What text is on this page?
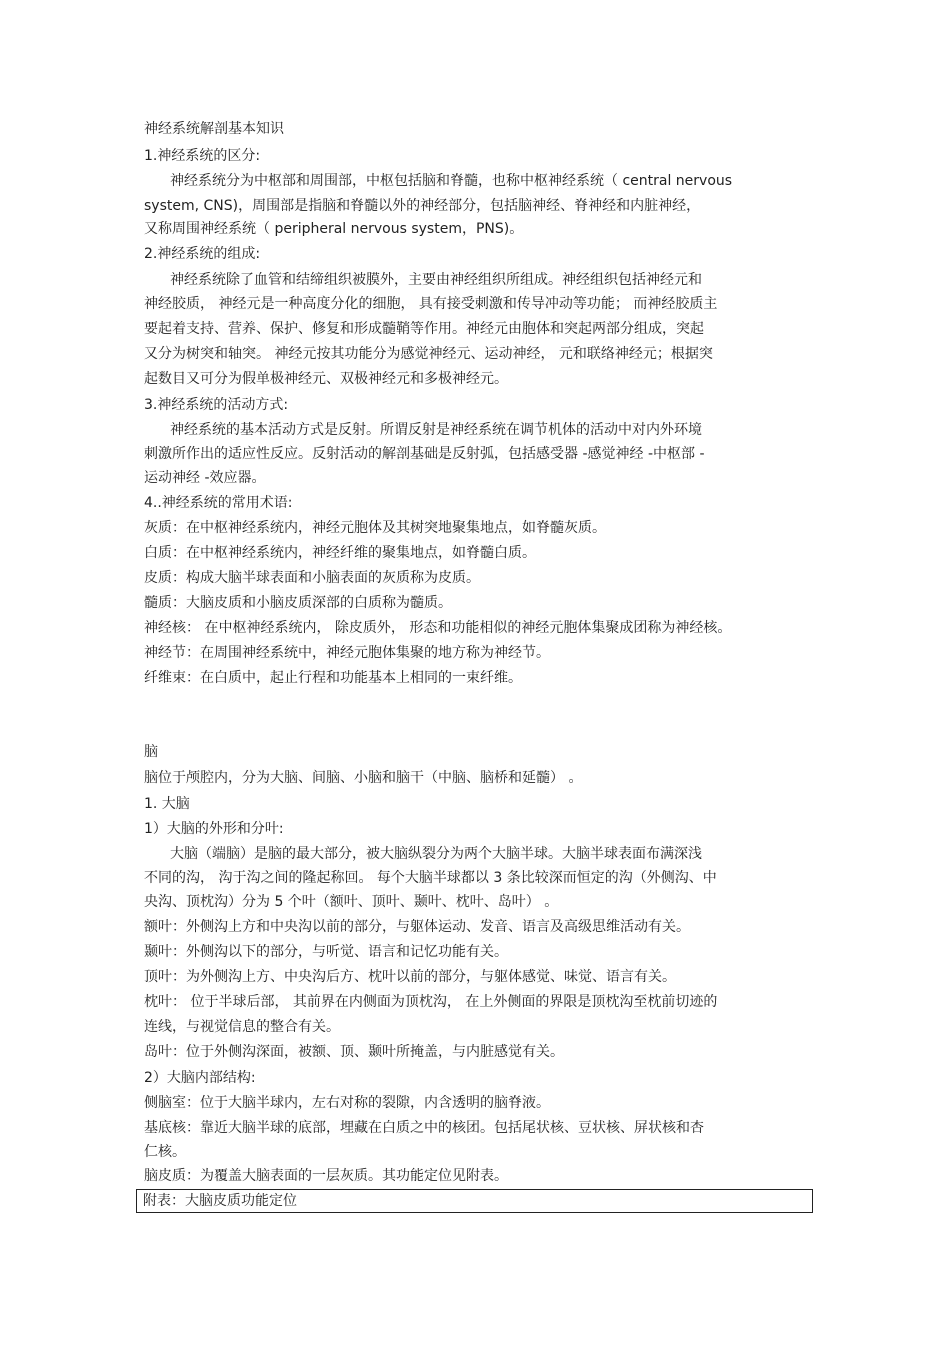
神经系统解剖基本知识
1.神经系统的区分:
神经系统分为中枢部和周围部，中枢包括脑和脊髓，也称中枢神经系统（ central nervous
system, CNS)，周围部是指脑和脊髓以外的神经部分，包括脑神经、脊神经和内脏神经，
又称周围神经系统（ peripheral nervous system，PNS)。
2.神经系统的组成:
神经系统除了血管和结缔组织被膜外，主要由神经组织所组成。神经组织包括神经元和
神经胶质， 神经元是一种高度分化的细胞， 具有接受刺激和传导冲动等功能； 而神经胶质主
要起着支持、营养、保护、修复和形成髓鞘等作用。神经元由胞体和突起两部分组成，突起
又分为树突和轴突。 神经元按其功能分为感觉神经元、运动神经， 元和联络神经元；根据突
起数目又可分为假单极神经元、双极神经元和多极神经元。
3.神经系统的活动方式:
神经系统的基本活动方式是反射。所谓反射是神经系统在调节机体的活动中对内外环境
刺激所作出的适应性反应。反射活动的解剖基础是反射弧，包括感受器 -感觉神经 -中枢部 -
运动神经 -效应器。
4..神经系统的常用术语:
灰质：在中枢神经系统内，神经元胞体及其树突地聚集地点，如脊髓灰质。
白质：在中枢神经系统内，神经纤维的聚集地点，如脊髓白质。
皮质：构成大脑半球表面和小脑表面的灰质称为皮质。
髓质：大脑皮质和小脑皮质深部的白质称为髓质。
神经核： 在中枢神经系统内， 除皮质外， 形态和功能相似的神经元胞体集聚成团称为神经核。
神经节：在周围神经系统中，神经元胞体集聚的地方称为神经节。
纤维束：在白质中，起止行程和功能基本上相同的一束纤维。
脑
脑位于颅腔内，分为大脑、间脑、小脑和脑干（中脑、脑桥和延髓） 。
1. 大脑
1）大脑的外形和分叶:
大脑（端脑）是脑的最大部分，被大脑纵裂分为两个大脑半球。大脑半球表面布满深浅
不同的沟， 沟于沟之间的隆起称回。 每个大脑半球都以 3 条比较深而恒定的沟（外侧沟、中
央沟、顶枕沟）分为 5 个叶（额叶、顶叶、颞叶、枕叶、岛叶） 。
额叶：外侧沟上方和中央沟以前的部分，与躯体运动、发音、语言及高级思维活动有关。
颞叶：外侧沟以下的部分，与听觉、语言和记忆功能有关。
顶叶：为外侧沟上方、中央沟后方、枕叶以前的部分，与躯体感觉、味觉、语言有关。
枕叶： 位于半球后部， 其前界在内侧面为顶枕沟， 在上外侧面的界限是顶枕沟至枕前切迹的
连线，与视觉信息的整合有关。
岛叶：位于外侧沟深面，被额、顶、颞叶所掩盖，与内脏感觉有关。
2）大脑内部结构:
侧脑室：位于大脑半球内，左右对称的裂隙，内含透明的脑脊液。
基底核：靠近大脑半球的底部，埋藏在白质之中的核团。包括尾状核、豆状核、屏状核和杏
仁核。
脑皮质：为覆盖大脑表面的一层灰质。其功能定位见附表。
附表：大脑皮质功能定位
